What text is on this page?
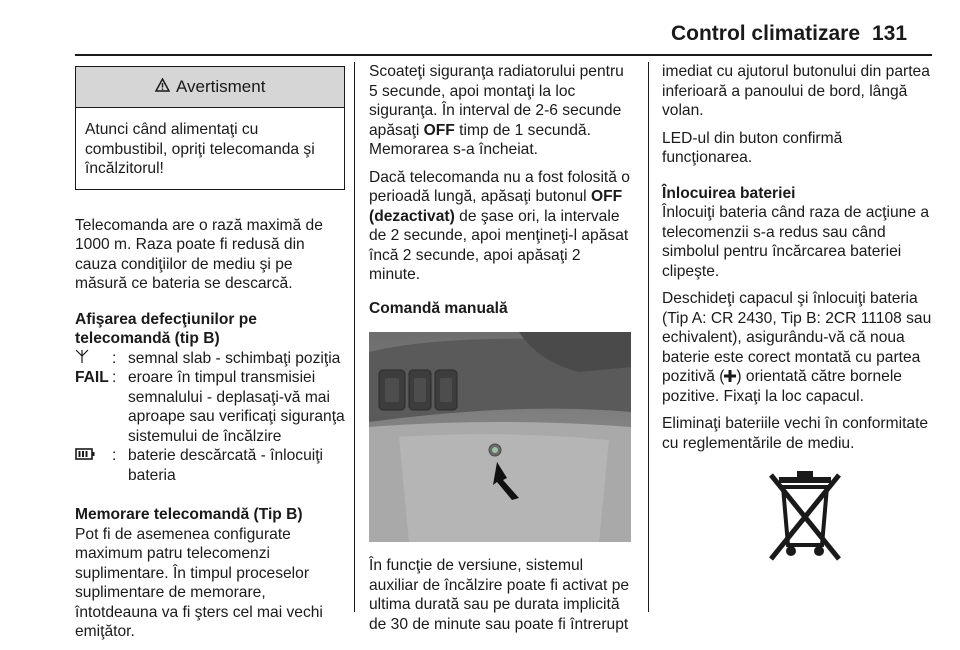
Control climatizare 131
Avertisment
Atunci când alimentaţi cu combustibil, opriţi telecomanda şi încălzitorul!

Telecomanda are o rază maximă de 1000 m. Raza poate fi redusă din cauza condiţiilor de mediu şi pe măsură ce bateria se descarcă.

Afişarea defecţiunilor pe telecomandă (tip B)
: semnal slab - schimbaţi poziţia
FAIL : eroare în timpul transmisiei semnalului - deplasaţi-vă mai aproape sau verificaţi siguranţa sistemului de încălzire
: baterie descărcată - înlocuiţi bateria
Memorare telecomandă (Tip B)

Pot fi de asemenea configurate maximum patru telecomenzi suplimentare. În timpul proceselor suplimentare de memorare, întotdeauna va fi şters cel mai vechi emiţător.

Scoateţi siguranţa radiatorului pentru 5 secunde, apoi montaţi la loc siguranţa. În interval de 2-6 secunde apăsaţi OFF timp de 1 secundă. Memorarea s-a încheiat.

Dacă telecomanda nu a fost folosită o perioadă lungă, apăsaţi butonul OFF (dezactivat) de şase ori, la intervale de 2 secunde, apoi menţineţi-l apăsat încă 2 secunde, apoi apăsaţi 2 minute.

Comandă manuală

În funcţie de versiune, sistemul auxiliar de încălzire poate fi activat pe ultima durată sau pe durata implicită de 30 de minute sau poate fi întrerupt

imediat cu ajutorul butonului din partea inferioară a panoului de bord, lângă volan.

LED-ul din buton confirmă funcţionarea.

Înlocuirea bateriei

Înlocuiţi bateria când raza de acţiune a telecomenzii s-a redus sau când simbolul pentru încărcarea bateriei clipeşte.

Deschideţi capacul şi înlocuiţi bateria (Tip A: CR 2430, Tip B: 2CR 11108 sau echivalent), asigurându-vă că noua baterie este corect montată cu partea pozitivă ( ) orientată către bornele pozitive. Fixaţi la loc capacul.

Eliminaţi bateriile vechi în conformitate cu reglementările de mediu.
